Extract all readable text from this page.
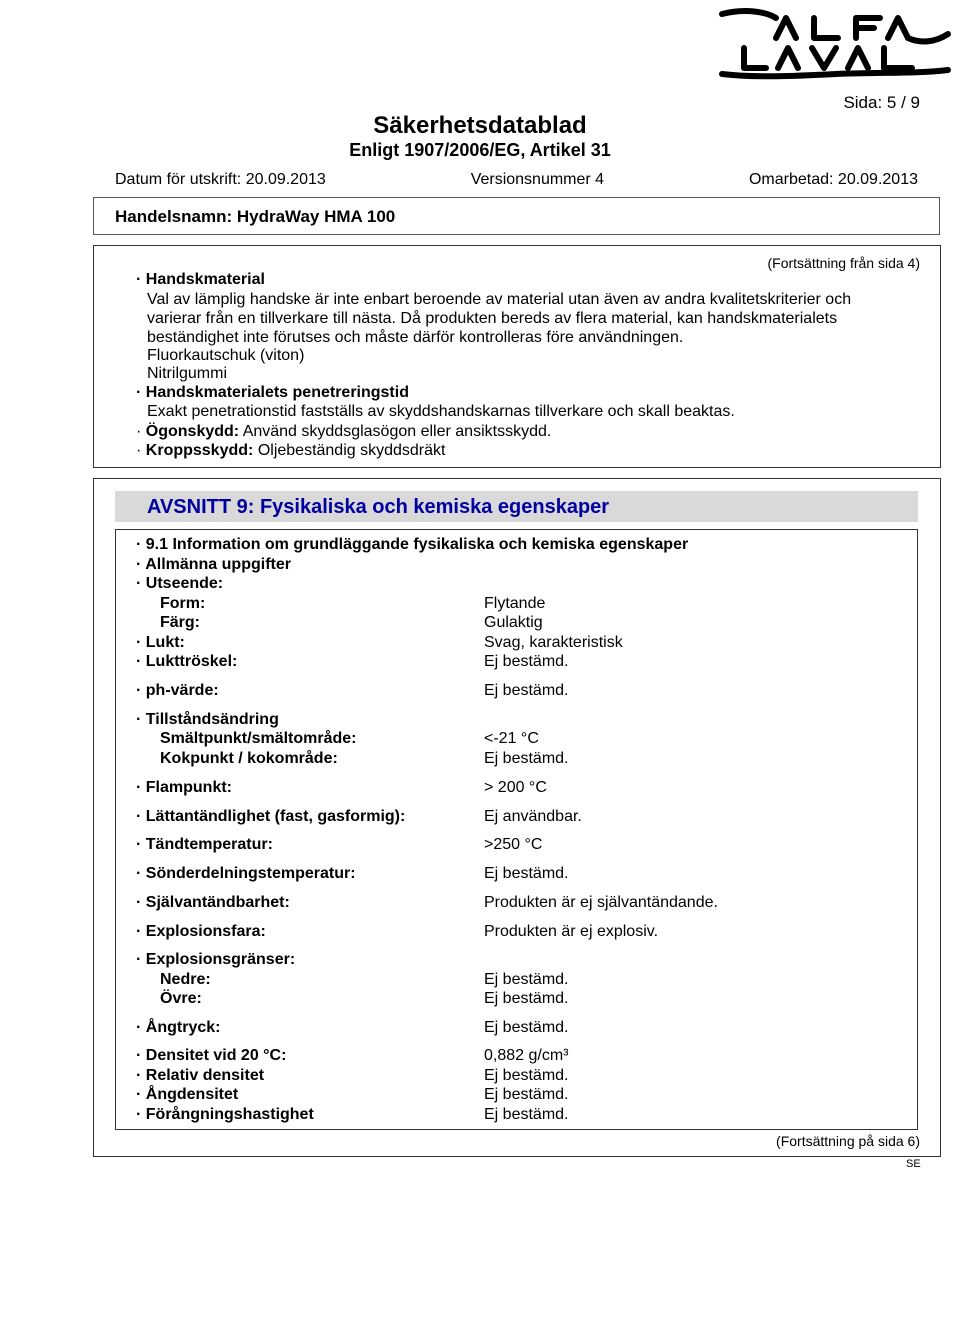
Sida: 5 / 9
Säkerhetsdatablad
Enligt 1907/2006/EG, Artikel 31
Datum för utskrift: 20.09.2013	Versionsnummer 4	Omarbetad: 20.09.2013
Handelsnamn: HydraWay HMA 100
(Fortsättning från sida 4)
· Handskmaterial
Val av lämplig handske är inte enbart beroende av material utan även av andra kvalitetskriterier och
varierar från en tillverkare till nästa. Då produkten bereds av flera material, kan handskmaterialets
beständighet inte förutses och måste därför kontrolleras före användningen.
Fluorkautschuk (viton)
Nitrilgummi
· Handskmaterialets penetreringstid
Exakt penetrationstid fastställs av skyddshandskarnas tillverkare och skall beaktas.
· Ögonskydd: Använd skyddsglasögon eller ansiktsskydd.
· Kroppsskydd: Oljebeständig skyddsdräkt
AVSNITT 9: Fysikaliska och kemiska egenskaper
· 9.1 Information om grundläggande fysikaliska och kemiska egenskaper
· Allmänna uppgifter
· Utseende:
Form:	Flytande
Färg:	Gulaktig
· Lukt:	Svag, karakteristisk
· Lukttröskel:	Ej bestämd.
· ph-värde:	Ej bestämd.
· Tillståndsändring
Smältpunkt/smältområde:	<-21 °C
Kokpunkt / kokområde:	Ej bestämd.
· Flampunkt:	> 200 °C
· Lättantändlighet (fast, gasformig):	Ej användbar.
· Tändtemperatur:	>250 °C
· Sönderdelningstemperatur:	Ej bestämd.
· Självantändbarhet:	Produkten är ej självantändande.
· Explosionsfara:	Produkten är ej explosiv.
· Explosionsgränser:
Nedre:	Ej bestämd.
Övre:	Ej bestämd.
· Ångtryck:	Ej bestämd.
· Densitet vid 20 °C:	0,882 g/cm³
· Relativ densitet	Ej bestämd.
· Ångdensitet	Ej bestämd.
· Förångningshastighet	Ej bestämd.
(Fortsättning på sida 6)
SE
